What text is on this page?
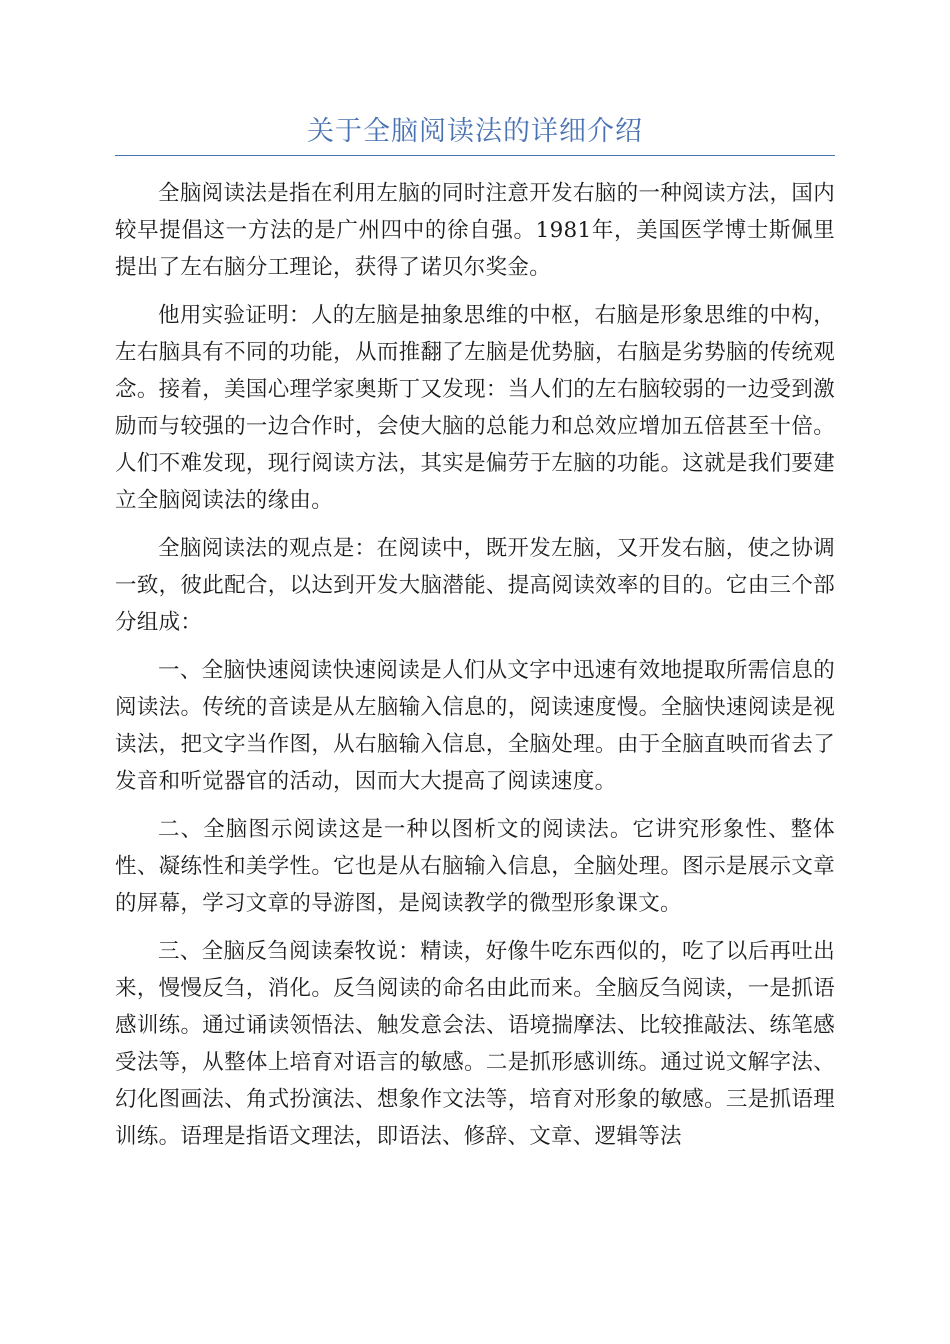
关于全脑阅读法的详细介绍

全脑阅读法是指在利用左脑的同时注意开发右脑的一种阅读方法，国内较早提倡这一方法的是广州四中的徐自强。1981年，美国医学博士斯佩里提出了左右脑分工理论，获得了诺贝尔奖金。

他用实验证明：人的左脑是抽象思维的中枢，右脑是形象思维的中构，左右脑具有不同的功能，从而推翻了左脑是优势脑，右脑是劣势脑的传统观念。接着，美国心理学家奥斯丁又发现：当人们的左右脑较弱的一边受到激励而与较强的一边合作时，会使大脑的总能力和总效应增加五倍甚至十倍。人们不难发现，现行阅读方法，其实是偏劳于左脑的功能。这就是我们要建立全脑阅读法的缘由。

全脑阅读法的观点是：在阅读中，既开发左脑，又开发右脑，使之协调一致，彼此配合，以达到开发大脑潜能、提高阅读效率的目的。它由三个部分组成：

一、全脑快速阅读快速阅读是人们从文字中迅速有效地提取所需信息的阅读法。传统的音读是从左脑输入信息的，阅读速度慢。全脑快速阅读是视读法，把文字当作图，从右脑输入信息，全脑处理。由于全脑直映而省去了发音和听觉器官的活动，因而大大提高了阅读速度。

二、全脑图示阅读这是一种以图析文的阅读法。它讲究形象性、整体性、凝练性和美学性。它也是从右脑输入信息，全脑处理。图示是展示文章的屏幕，学习文章的导游图，是阅读教学的微型形象课文。

三、全脑反刍阅读秦牧说：精读，好像牛吃东西似的，吃了以后再吐出来，慢慢反刍，消化。反刍阅读的命名由此而来。全脑反刍阅读，一是抓语感训练。通过诵读领悟法、触发意会法、语境揣摩法、比较推敲法、练笔感受法等，从整体上培育对语言的敏感。二是抓形感训练。通过说文解字法、幻化图画法、角式扮演法、想象作文法等，培育对形象的敏感。三是抓语理训练。语理是指语文理法，即语法、修辞、文章、逻辑等法
